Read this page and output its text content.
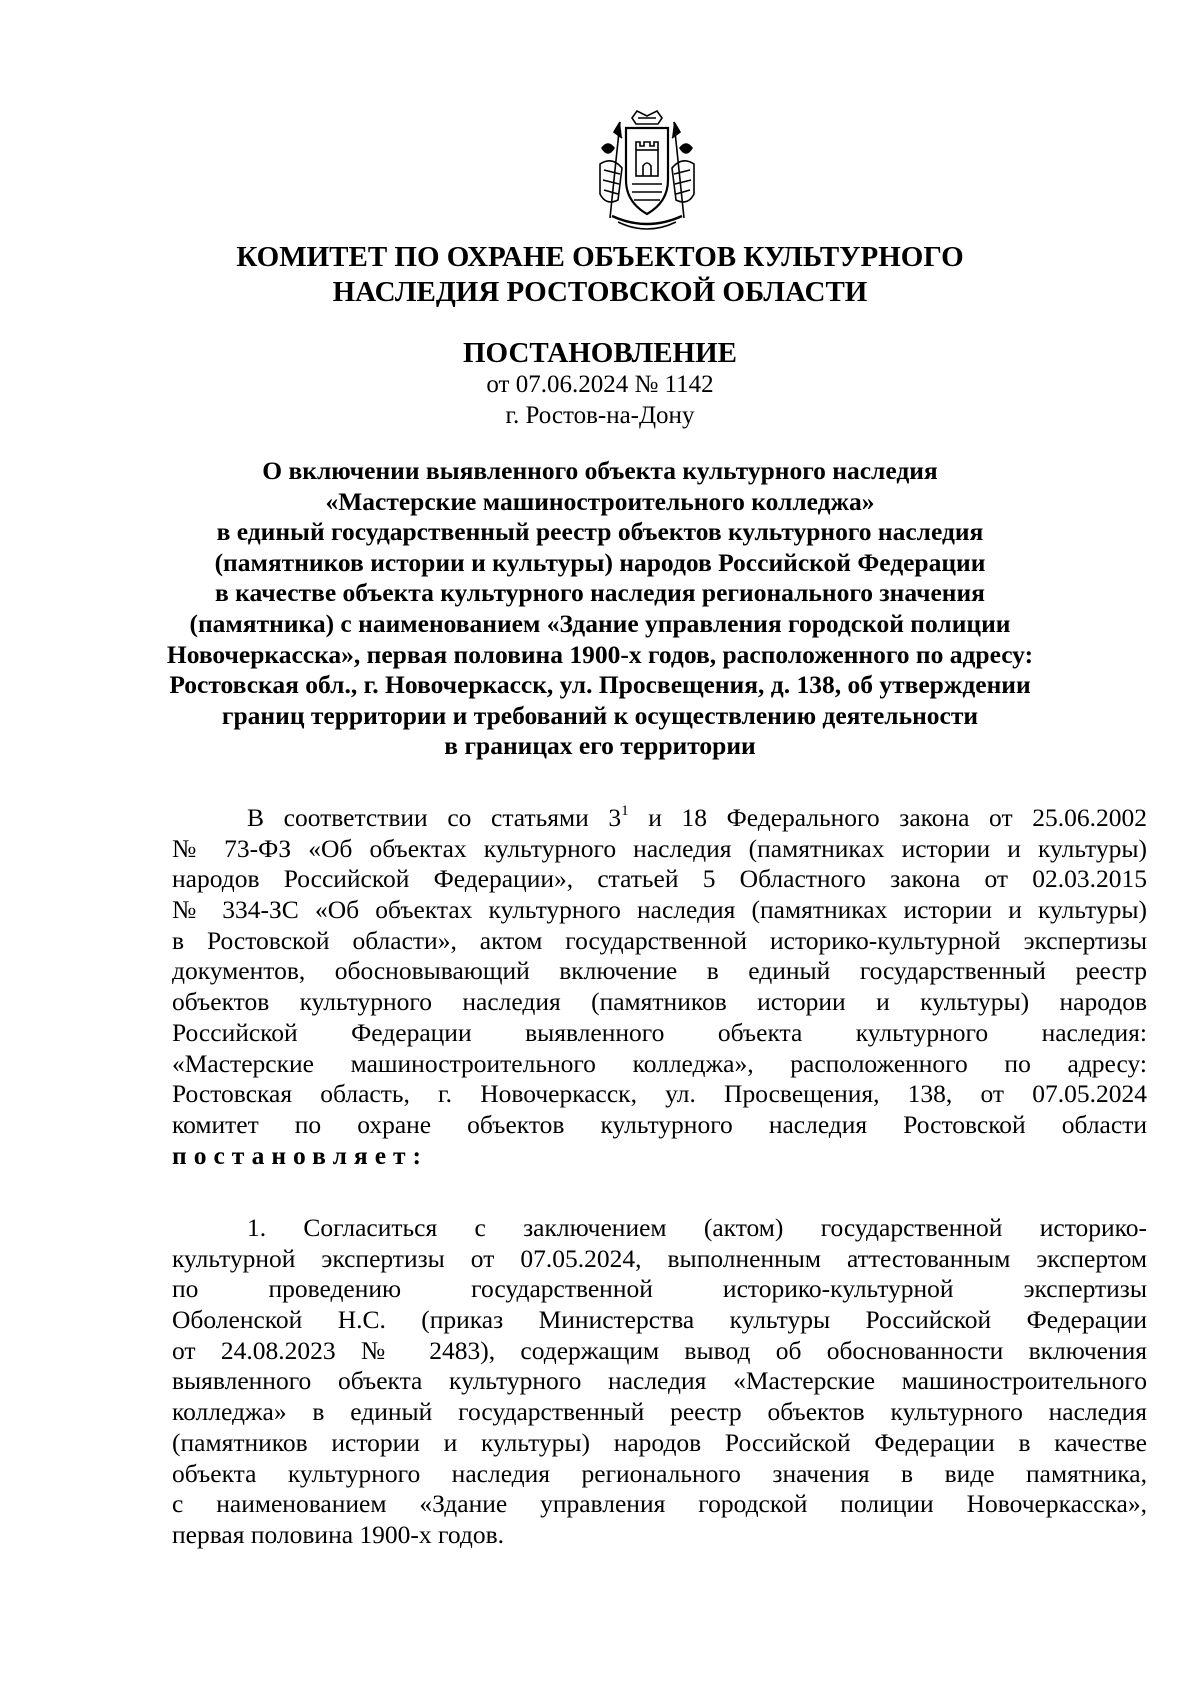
КОМИТЕТ ПО ОХРАНЕ ОБЪЕКТОВ КУЛЬТУРНОГО
НАСЛЕДИЯ РОСТОВСКОЙ ОБЛАСТИ
ПОСТАНОВЛЕНИЕ
от 07.06.2024 № 1142
г. Ростов-на-Дону
О включении выявленного объекта культурного наследия
«Мастерские машиностроительного колледжа»
в единый государственный реестр объектов культурного наследия
(памятников истории и культуры) народов Российской Федерации
в качестве объекта культурного наследия регионального значения
(памятника) с наименованием «Здание управления городской полиции
Новочеркасска», первая половина 1900-х годов, расположенного по адресу:
Ростовская обл., г. Новочеркасск, ул. Просвещения, д. 138, об утверждении
границ территории и требований к осуществлению деятельности
в границах его территории
В соответствии со статьями $3^1$ и 18 Федерального закона от 25.06.2002
№ 73-ФЗ «Об объектах культурного наследия (памятниках истории и культуры)
народов Российской Федерации», статьей 5 Областного закона от 02.03.2015
№ 334-ЗС «Об объектах культурного наследия (памятниках истории и культуры)
в Ростовской области», актом государственной историко-культурной экспертизы
документов, обосновывающий включение в единый государственный реестр
объектов культурного наследия (памятников истории и культуры) народов
Российской Федерации выявленного объекта культурного наследия:
«Мастерские машиностроительного колледжа», расположенного по адресу:
Ростовская область, г. Новочеркасск, ул. Просвещения, 138, от 07.05.2024
комитет по охране объектов культурного наследия Ростовской области
постановляет:
1. Согласиться с заключением (актом) государственной историко-
культурной экспертизы от 07.05.2024, выполненным аттестованным экспертом
по проведению государственной историко-культурной экспертизы
Оболенской Н.С. (приказ Министерства культуры Российской Федерации
от 24.08.2023 № 2483), содержащим вывод об обоснованности включения
выявленного объекта культурного наследия «Мастерские машиностроительного
колледжа» в единый государственный реестр объектов культурного наследия
(памятников истории и культуры) народов Российской Федерации в качестве
объекта культурного наследия регионального значения в виде памятника,
с наименованием «Здание управления городской полиции Новочеркасска»,
первая половина 1900-х годов.
